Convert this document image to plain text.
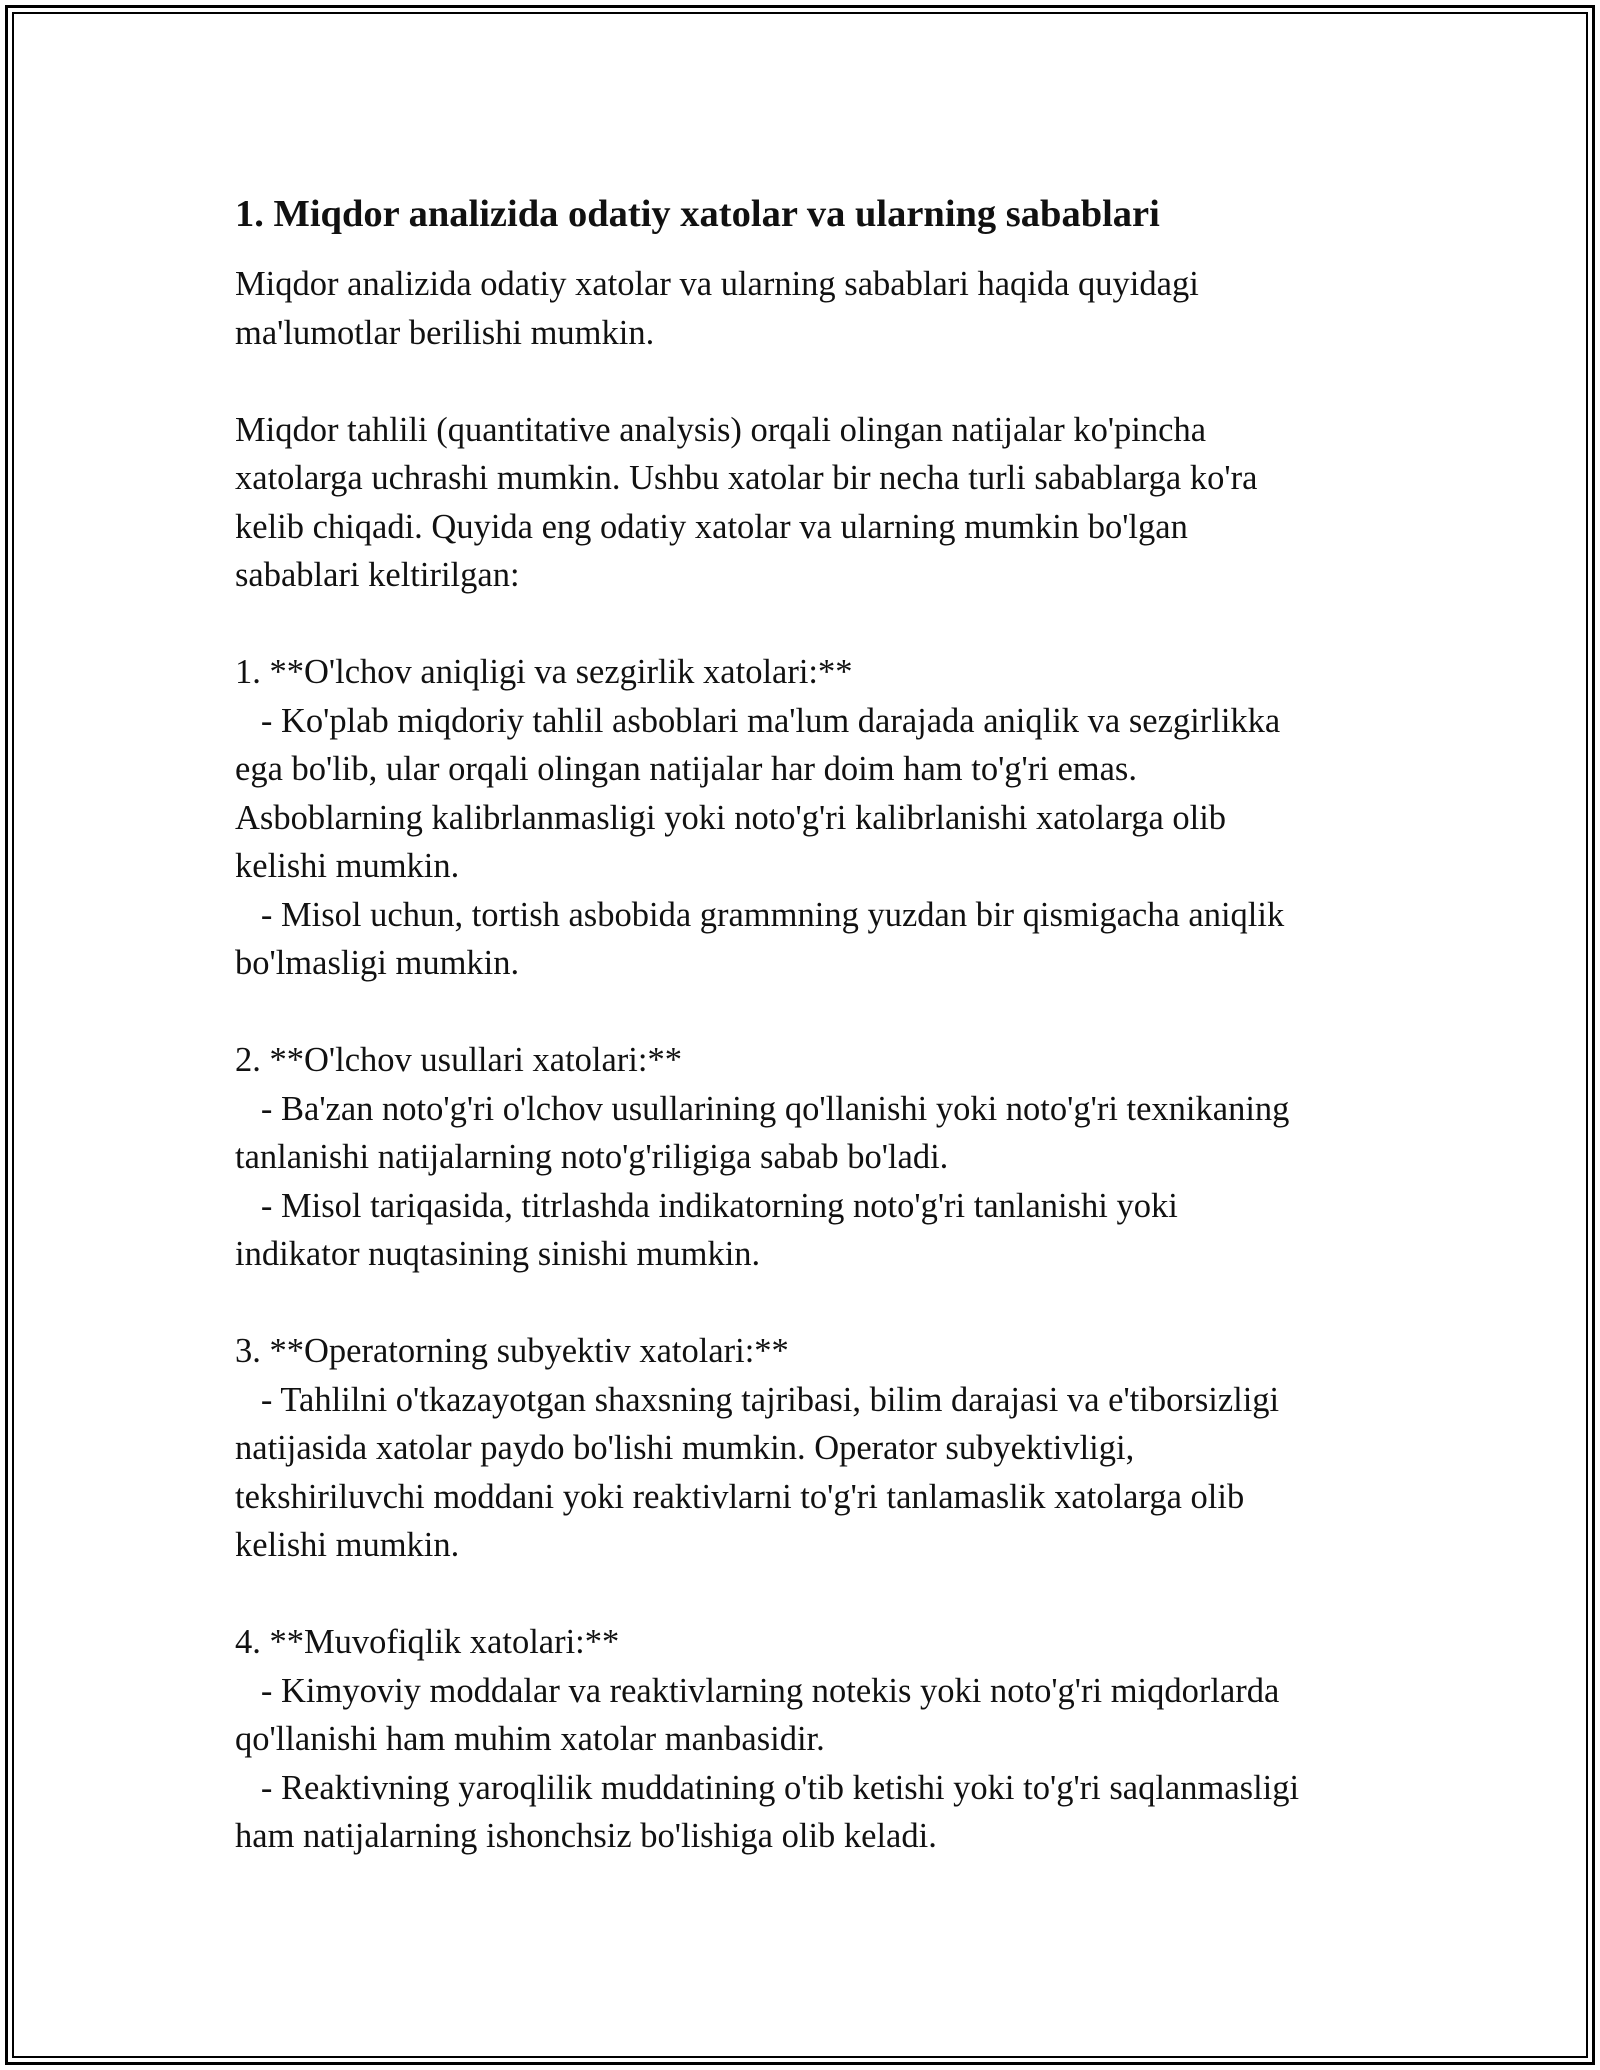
1. Miqdor analizida odatiy xatolar va ularning sabablari
Miqdor analizida odatiy xatolar va ularning sabablari haqida quyidagi
ma'lumotlar berilishi mumkin.
Miqdor tahlili (quantitative analysis) orqali olingan natijalar ko'pincha
xatolarga uchrashi mumkin. Ushbu xatolar bir necha turli sabablarga ko'ra
kelib chiqadi. Quyida eng odatiy xatolar va ularning mumkin bo'lgan
sabablari keltirilgan:
1. **O'lchov aniqligi va sezgirlik xatolari:**
- Ko'plab miqdoriy tahlil asboblari ma'lum darajada aniqlik va sezgirlikka
ega bo'lib, ular orqali olingan natijalar har doim ham to'g'ri emas.
Asboblarning kalibrlanmasligi yoki noto'g'ri kalibrlanishi xatolarga olib
kelishi mumkin.
- Misol uchun, tortish asbobida grammning yuzdan bir qismigacha aniqlik
bo'lmasligi mumkin.
2. **O'lchov usullari xatolari:**
- Ba'zan noto'g'ri o'lchov usullarining qo'llanishi yoki noto'g'ri texnikaning
tanlanishi natijalarning noto'g'riligiga sabab bo'ladi.
- Misol tariqasida, titrlashda indikatorning noto'g'ri tanlanishi yoki
indikator nuqtasining sinishi mumkin.
3. **Operatorning subyektiv xatolari:**
- Tahlilni o'tkazayotgan shaxsning tajribasi, bilim darajasi va e'tiborsizligi
natijasida xatolar paydo bo'lishi mumkin. Operator subyektivligi,
tekshiriluvchi moddani yoki reaktivlarni to'g'ri tanlamaslik xatolarga olib
kelishi mumkin.
4. **Muvofiqlik xatolari:**
- Kimyoviy moddalar va reaktivlarning notekis yoki noto'g'ri miqdorlarda
qo'llanishi ham muhim xatolar manbasidir.
- Reaktivning yaroqlilik muddatining o'tib ketishi yoki to'g'ri saqlanmasligi
ham natijalarning ishonchsiz bo'lishiga olib keladi.
